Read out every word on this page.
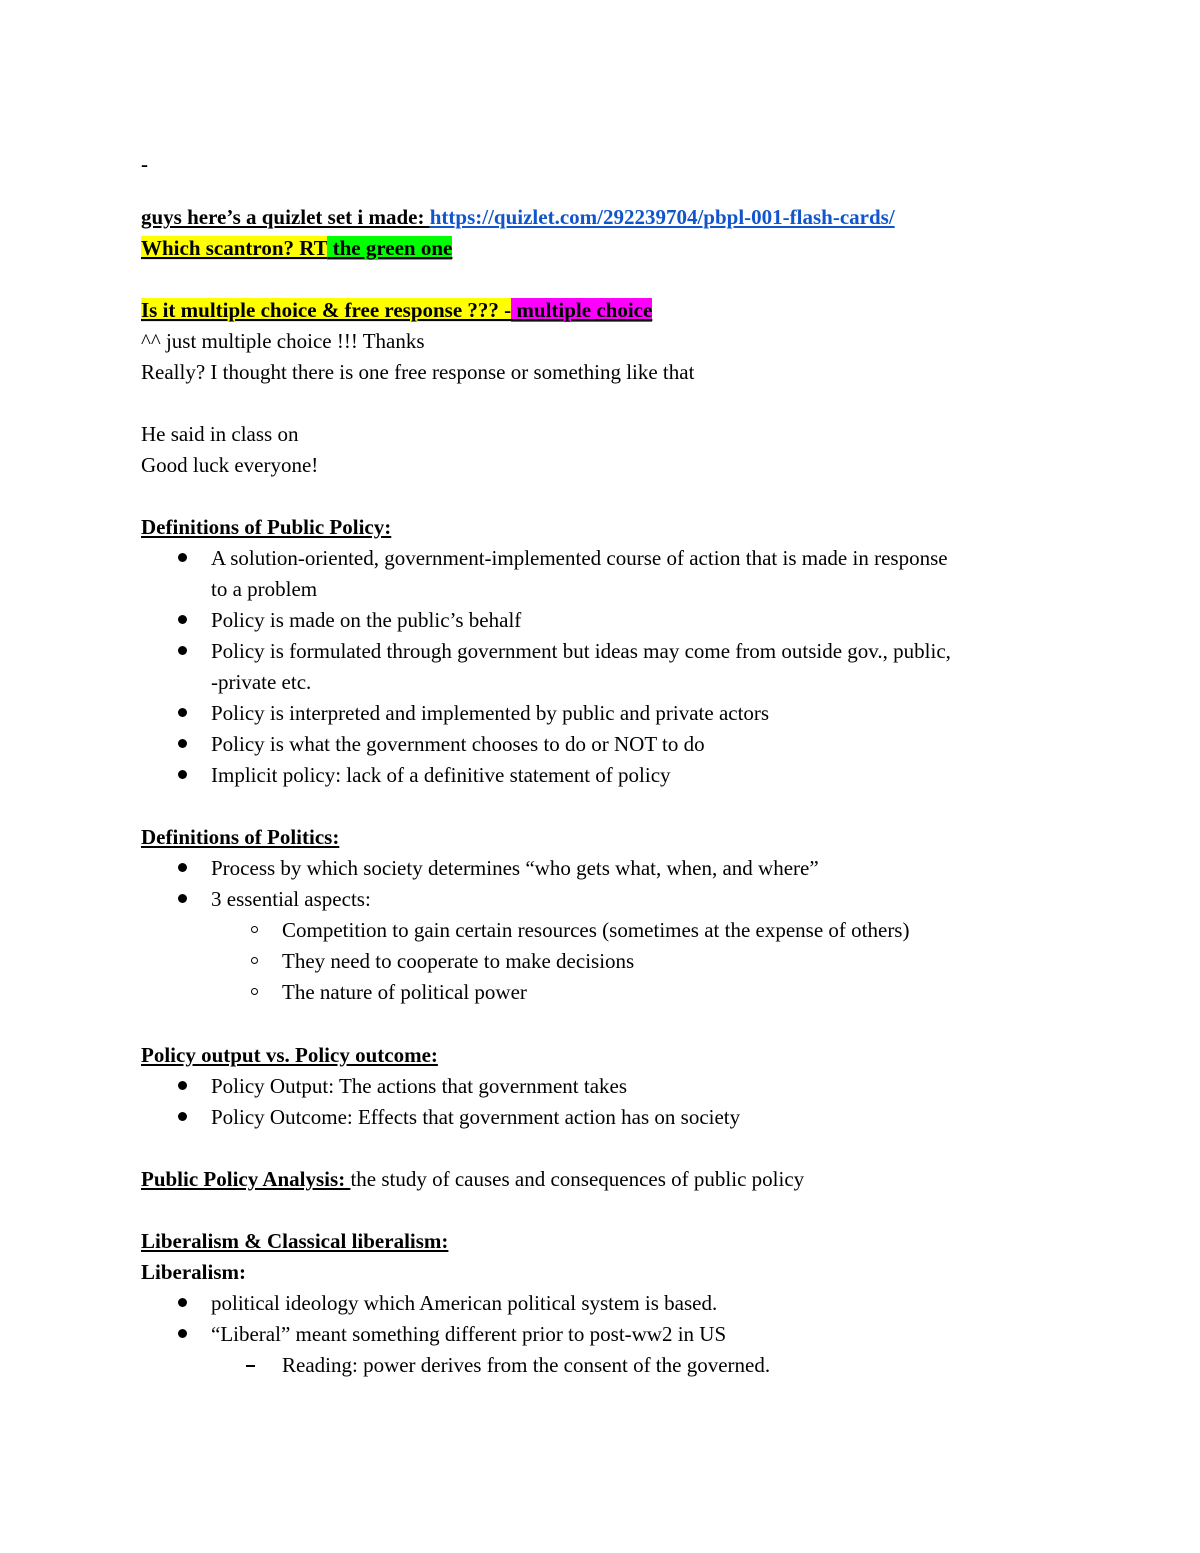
-
guys here’s a quizlet set i made: https://quizlet.com/292239704/pbpl-001-flash-cards/
Which scantron? RT the green one
Is it multiple choice & free response ??? - multiple choice
^^ just multiple choice !!! Thanks
Really? I thought there is one free response or something like that
He said in class on
Good luck everyone!
Definitions of Public Policy:
A solution-oriented, government-implemented course of action that is made in response
to a problem
Policy is made on the public’s behalf
Policy is formulated through government but ideas may come from outside gov., public,
-private etc.
Policy is interpreted and implemented by public and private actors
Policy is what the government chooses to do or NOT to do
Implicit policy: lack of a definitive statement of policy
Definitions of Politics:
Process by which society determines “who gets what, when, and where”
3 essential aspects:
Competition to gain certain resources (sometimes at the expense of others)
They need to cooperate to make decisions
The nature of political power
Policy output vs. Policy outcome:
Policy Output: The actions that government takes
Policy Outcome: Effects that government action has on society
Public Policy Analysis: the study of causes and consequences of public policy
Liberalism & Classical liberalism:
Liberalism:
political ideology which American political system is based.
“Liberal” meant something different prior to post-ww2 in US
Reading: power derives from the consent of the governed.
